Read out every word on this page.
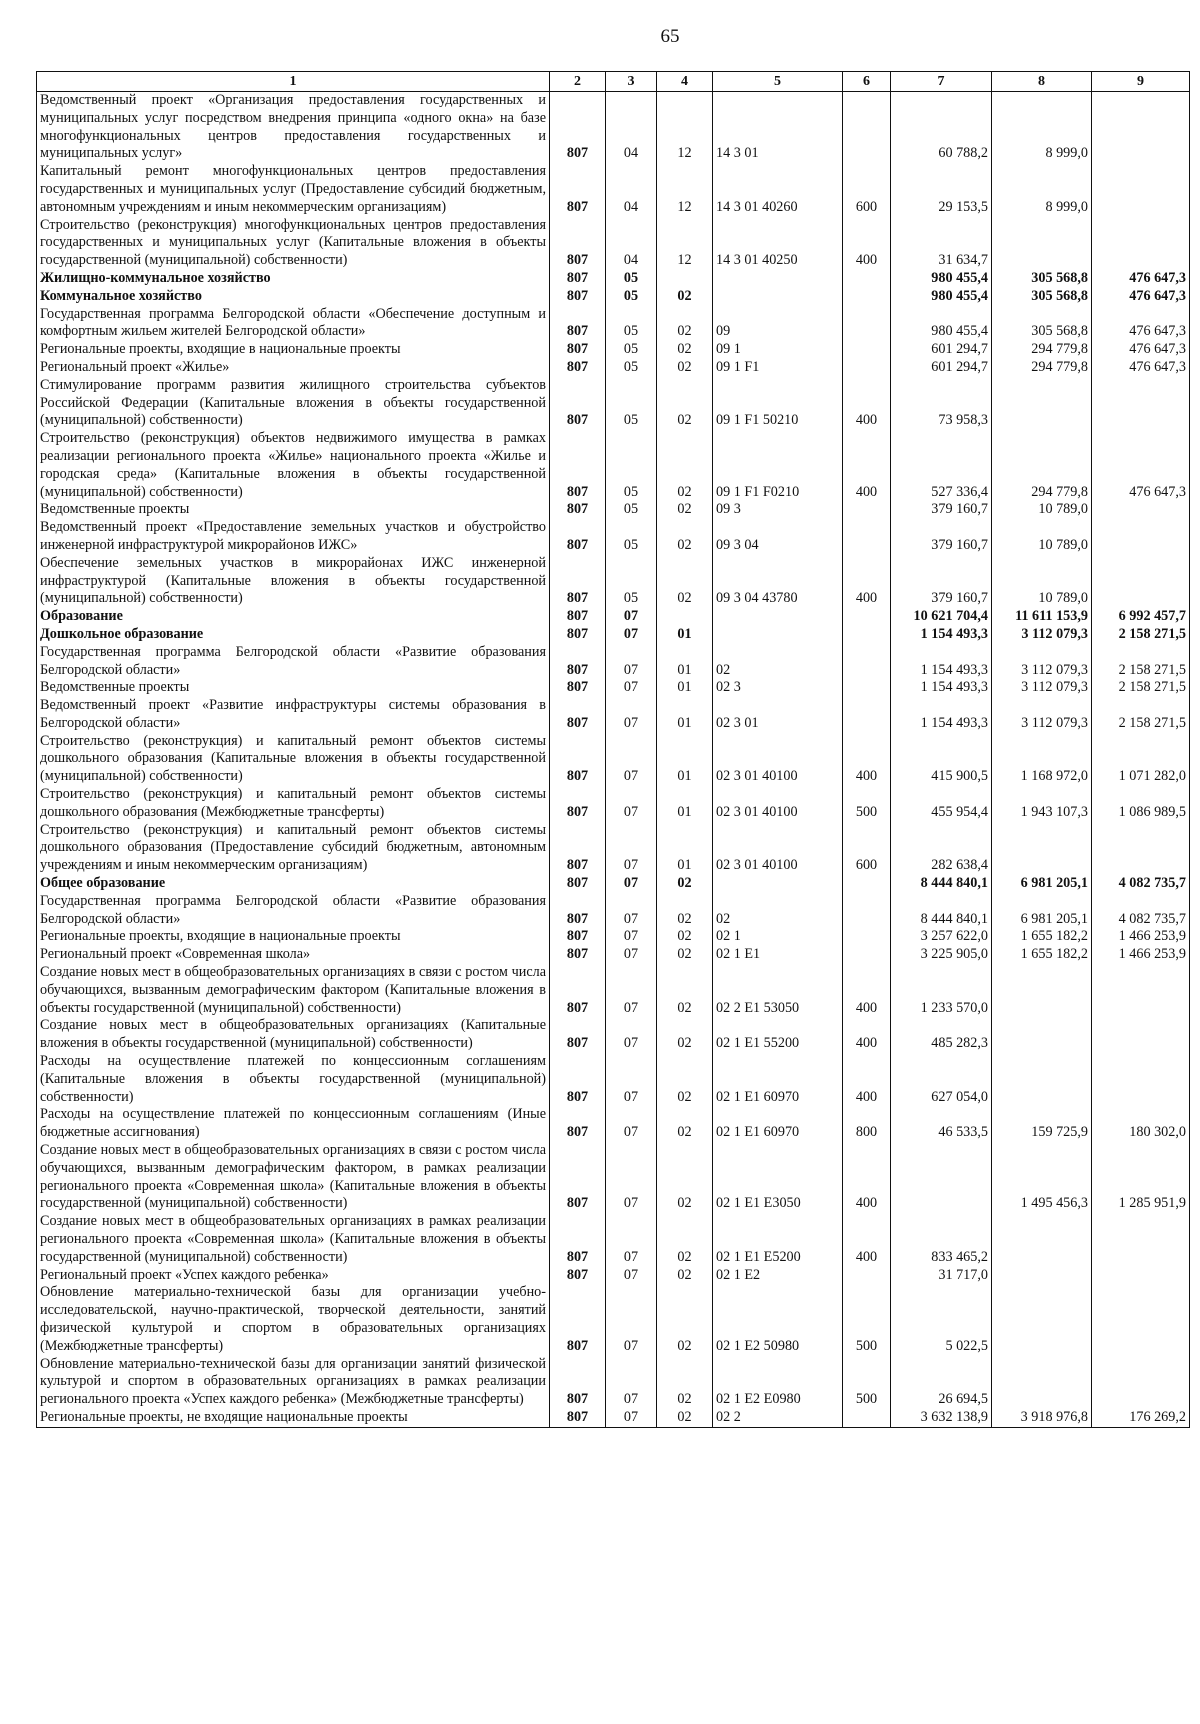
65
1	2	3	4	5	6	7	8	9
Ведомственный проект «Организация предоставления государственных и муниципальных услуг посредством внедрения принципа «одного окна» на базе многофункциональных центров предоставления государственных и муниципальных услуг»	807	04	12	14 3 01		60 788,2	8 999,0	
Капитальный ремонт многофункциональных центров предоставления государственных и муниципальных услуг (Предоставление субсидий бюджетным, автономным учреждениям и иным некоммерческим организациям)	807	04	12	14 3 01 40260	600	29 153,5	8 999,0	
Строительство (реконструкция) многофункциональных центров предоставления государственных и муниципальных услуг (Капитальные вложения в объекты государственной (муниципальной) собственности)	807	04	12	14 3 01 40250	400	31 634,7		
Жилищно-коммунальное хозяйство	807	05				980 455,4	305 568,8	476 647,3
Коммунальное хозяйство	807	05	02			980 455,4	305 568,8	476 647,3
Государственная программа Белгородской области «Обеспечение доступным и комфортным жильем жителей Белгородской области»	807	05	02	09		980 455,4	305 568,8	476 647,3
Региональные проекты, входящие в национальные проекты	807	05	02	09 1		601 294,7	294 779,8	476 647,3
Региональный проект «Жилье»	807	05	02	09 1 F1		601 294,7	294 779,8	476 647,3
Стимулирование программ развития жилищного строительства субъектов Российской Федерации (Капитальные вложения в объекты государственной (муниципальной) собственности)	807	05	02	09 1 F1 50210	400	73 958,3		
Строительство (реконструкция) объектов недвижимого имущества в рамках реализации регионального проекта «Жилье» национального проекта «Жилье и городская среда» (Капитальные вложения в объекты государственной (муниципальной) собственности)	807	05	02	09 1 F1 F0210	400	527 336,4	294 779,8	476 647,3
Ведомственные проекты	807	05	02	09 3		379 160,7	10 789,0	
Ведомственный проект «Предоставление земельных участков и обустройство инженерной инфраструктурой микрорайонов ИЖС»	807	05	02	09 3 04		379 160,7	10 789,0	
Обеспечение земельных участков в микрорайонах ИЖС инженерной инфраструктурой (Капитальные вложения в объекты государственной (муниципальной) собственности)	807	05	02	09 3 04 43780	400	379 160,7	10 789,0	
Образование	807	07				10 621 704,4	11 611 153,9	6 992 457,7
Дошкольное образование	807	07	01			1 154 493,3	3 112 079,3	2 158 271,5
Государственная программа Белгородской области «Развитие образования Белгородской области»	807	07	01	02		1 154 493,3	3 112 079,3	2 158 271,5
Ведомственные проекты	807	07	01	02 3		1 154 493,3	3 112 079,3	2 158 271,5
Ведомственный проект «Развитие инфраструктуры системы образования в Белгородской области»	807	07	01	02 3 01		1 154 493,3	3 112 079,3	2 158 271,5
Строительство (реконструкция) и капитальный ремонт объектов системы дошкольного образования (Капитальные вложения в объекты государственной (муниципальной) собственности)	807	07	01	02 3 01 40100	400	415 900,5	1 168 972,0	1 071 282,0
Строительство (реконструкция) и капитальный ремонт объектов системы дошкольного образования (Межбюджетные трансферты)	807	07	01	02 3 01 40100	500	455 954,4	1 943 107,3	1 086 989,5
Строительство (реконструкция) и капитальный ремонт объектов системы дошкольного образования (Предоставление субсидий бюджетным, автономным учреждениям и иным некоммерческим организациям)	807	07	01	02 3 01 40100	600	282 638,4		
Общее образование	807	07	02			8 444 840,1	6 981 205,1	4 082 735,7
Государственная программа Белгородской области «Развитие образования Белгородской области»	807	07	02	02		8 444 840,1	6 981 205,1	4 082 735,7
Региональные проекты, входящие в национальные проекты	807	07	02	02 1		3 257 622,0	1 655 182,2	1 466 253,9
Региональный проект «Современная школа»	807	07	02	02 1 E1		3 225 905,0	1 655 182,2	1 466 253,9
Создание новых мест в общеобразовательных организациях в связи с ростом числа обучающихся, вызванным демографическим фактором (Капитальные вложения в объекты государственной (муниципальной) собственности)	807	07	02	02 2 E1 53050	400	1 233 570,0		
Создание новых мест в общеобразовательных организациях (Капитальные вложения в объекты государственной (муниципальной) собственности)	807	07	02	02 1 E1 55200	400	485 282,3		
Расходы на осуществление платежей по концессионным соглашениям (Капитальные вложения в объекты государственной (муниципальной) собственности)	807	07	02	02 1 E1 60970	400	627 054,0		
Расходы на осуществление платежей по концессионным соглашениям (Иные бюджетные ассигнования)	807	07	02	02 1 E1 60970	800	46 533,5	159 725,9	180 302,0
Создание новых мест в общеобразовательных организациях в связи с ростом числа обучающихся, вызванным демографическим фактором, в рамках реализации регионального проекта «Современная школа» (Капитальные вложения в объекты государственной (муниципальной) собственности)	807	07	02	02 1 E1 E3050	400		1 495 456,3	1 285 951,9
Создание новых мест в общеобразовательных организациях в рамках реализации регионального проекта «Современная школа» (Капитальные вложения в объекты государственной (муниципальной) собственности)	807	07	02	02 1 E1 E5200	400	833 465,2		
Региональный проект «Успех каждого ребенка»	807	07	02	02 1 E2		31 717,0		
Обновление материально-технической базы для организации учебно-исследовательской, научно-практической, творческой деятельности, занятий физической культурой и спортом в образовательных организациях (Межбюджетные трансферты)	807	07	02	02 1 E2 50980	500	5 022,5		
Обновление материально-технической базы для организации занятий физической культурой и спортом в образовательных организациях в рамках реализации регионального проекта «Успех каждого ребенка» (Межбюджетные трансферты)	807	07	02	02 1 E2 E0980	500	26 694,5		
Региональные проекты, не входящие национальные проекты	807	07	02	02 2		3 632 138,9	3 918 976,8	176 269,2
